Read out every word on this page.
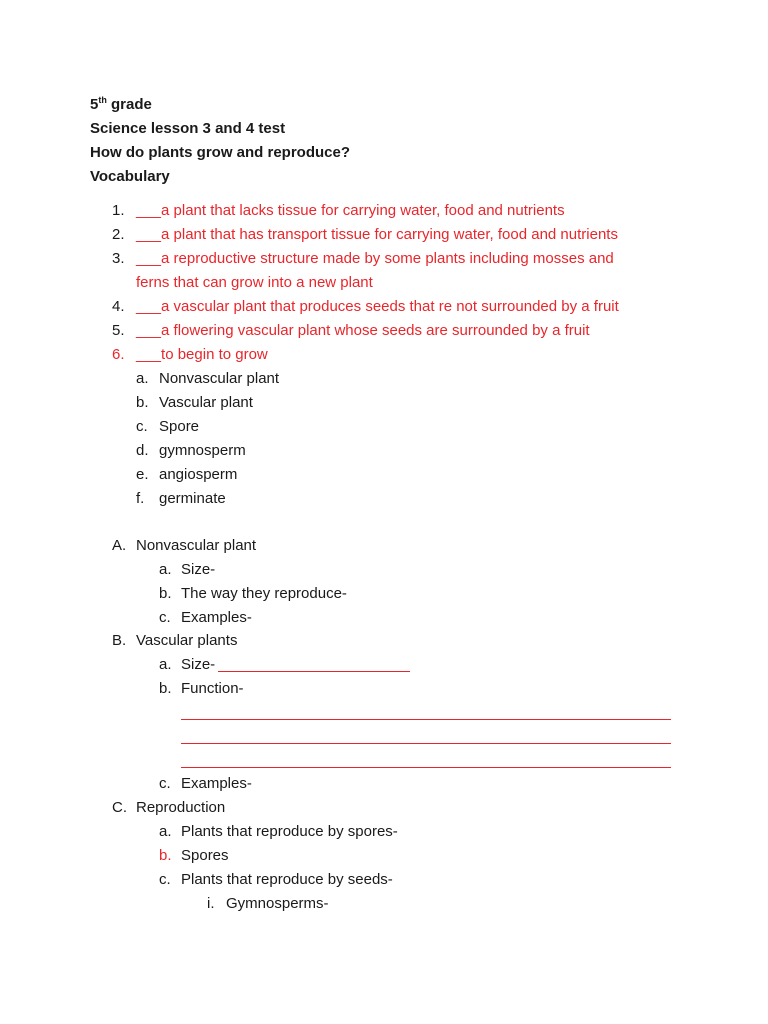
5th grade
Science lesson 3 and 4 test
How do plants grow and reproduce?
Vocabulary
1. ___a plant that lacks tissue for carrying water, food and nutrients
2. ___a plant that has transport tissue for carrying water, food and nutrients
3. ___a reproductive structure made by some plants including mosses and
ferns that can grow into a new plant
4. ___a vascular plant that produces seeds that re not surrounded by a fruit
5. ___a flowering vascular plant whose seeds are surrounded by a fruit
6. ___to begin to grow
a. Nonvascular plant
b. Vascular plant
c. Spore
d. gymnosperm
e. angiosperm
f. germinate
A. Nonvascular plant
a. Size-
b. The way they reproduce-
c. Examples-
B. Vascular plants
a. Size-
b. Function-
c. Examples-
C. Reproduction
a. Plants that reproduce by spores-
b. Spores
c. Plants that reproduce by seeds-
i. Gymnosperms-
